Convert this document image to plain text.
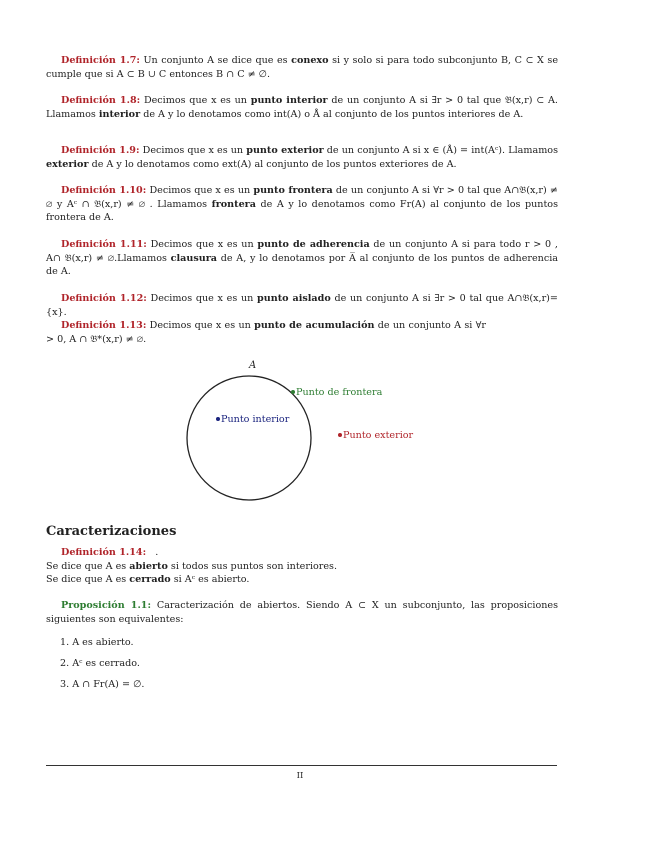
Definición 1.7: Un conjunto A se dice que es conexo si y solo si para todo subconjunto B, C ⊂ X se cumple que si A ⊂ B ∪ C entonces B ∩ C ≠ ∅.
Definición 1.8: Decimos que x es un punto interior de un conjunto A si ∃r > 0 tal que 𝔅(x,r) ⊂ A. Llamamos interior de A y lo denotamos como int(A) o Å al conjunto de los puntos interiores de A.
Definición 1.9: Decimos que x es un punto exterior de un conjunto A si x ∈ (Å) = int(Aᶜ). Llamamos exterior de A y lo denotamos como ext(A) al conjunto de los puntos exteriores de A.
Definición 1.10: Decimos que x es un punto frontera de un conjunto A si ∀r > 0 tal que A∩𝔅(x,r) ≠ ∅ y Aᶜ ∩ 𝔅(x,r) ≠ ∅ . Llamamos frontera de A y lo denotamos como Fr(A) al conjunto de los puntos frontera de A.
Definición 1.11: Decimos que x es un punto de adherencia de un conjunto A si para todo r > 0 , A∩ 𝔅(x,r) ≠ ∅.Llamamos clausura de A, y lo denotamos por A̅ al conjunto de los puntos de adherencia de A.
Definición 1.12: Decimos que x es un punto aislado de un conjunto A si ∃r > 0 tal que A∩𝔅(x,r)={x}.
Definición 1.13: Decimos que x es un punto de acumulación de un conjunto A si ∀r > 0, A ∩ 𝔅*(x,r) ≠ ∅.
A
Punto de frontera
Punto interior
Punto exterior
Caracterizaciones
Definición 1.14: .
Se dice que A es abierto si todos sus puntos son interiores.
Se dice que A es cerrado si Aᶜ es abierto.
Proposición 1.1: Caracterización de abiertos. Siendo A ⊂ X un subconjunto, las proposiciones siguientes son equivalentes:
1. A es abierto.
2. Aᶜ es cerrado.
3. A ∩ Fr(A) = ∅.
II
